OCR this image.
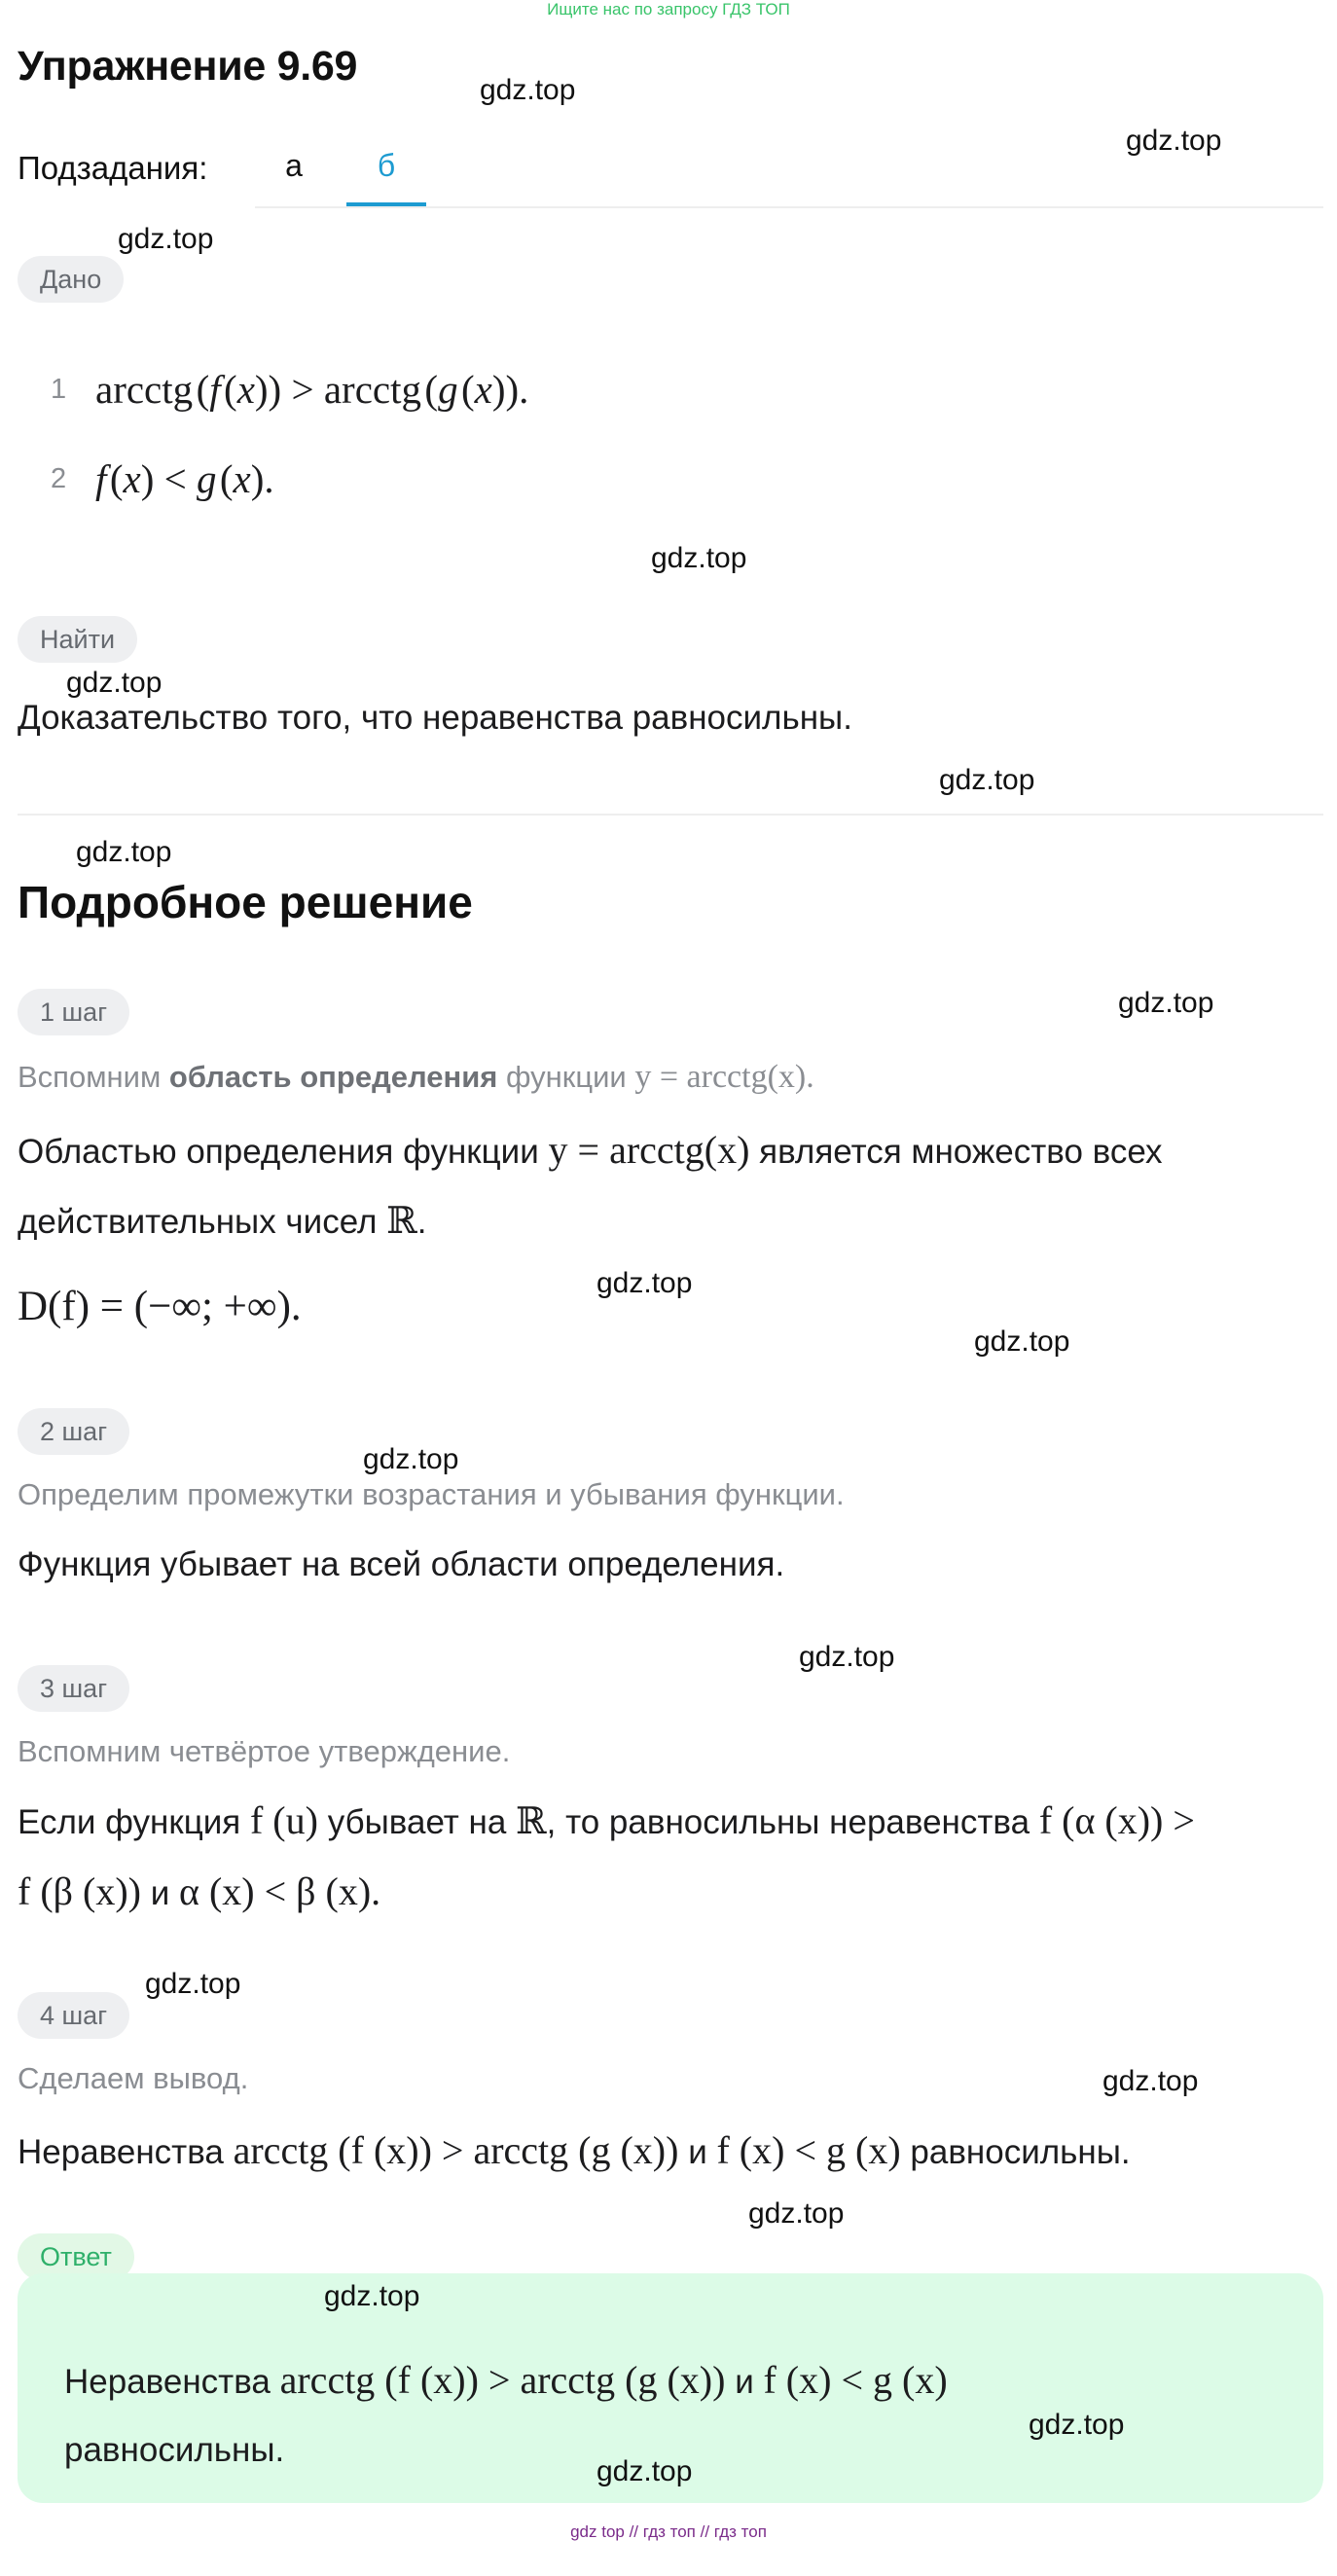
Ищите нас по запросу ГДЗ ТОП
Упражнение 9.69
Подзадания:	а	б
Дано
1 arcctg (f (x)) > arcctg (g (x)).
2 f (x) < g (x).
Найти
Доказательство того, что неравенства равносильны.
Подробное решение
1 шаг
Вспомним область определения функции y = arcctg(x).
Областью определения функции y = arcctg(x) является множество всех
действительных чисел ℝ.
D(f) = (−∞; +∞).
2 шаг
Определим промежутки возрастания и убывания функции.
Функция убывает на всей области определения.
3 шаг
Вспомним четвёртое утверждение.
Если функция f (u) убывает на ℝ, то равносильны неравенства f (α (x)) >
f (β (x)) и α (x) < β (x).
4 шаг
Сделаем вывод.
Неравенства arcctg (f (x)) > arcctg (g (x)) и f (x) < g (x) равносильны.
Ответ
Неравенства arcctg (f (x)) > arcctg (g (x)) и f (x) < g (x)
равносильны.
gdz.top
gdz.top
gdz.top
gdz.top
gdz.top
gdz.top
gdz.top
gdz.top
gdz.top
gdz.top
gdz.top
gdz.top
gdz.top
gdz.top
gdz.top
gdz.top
gdz.top
gdz.top
gdz top // гдз топ // гдз топ
